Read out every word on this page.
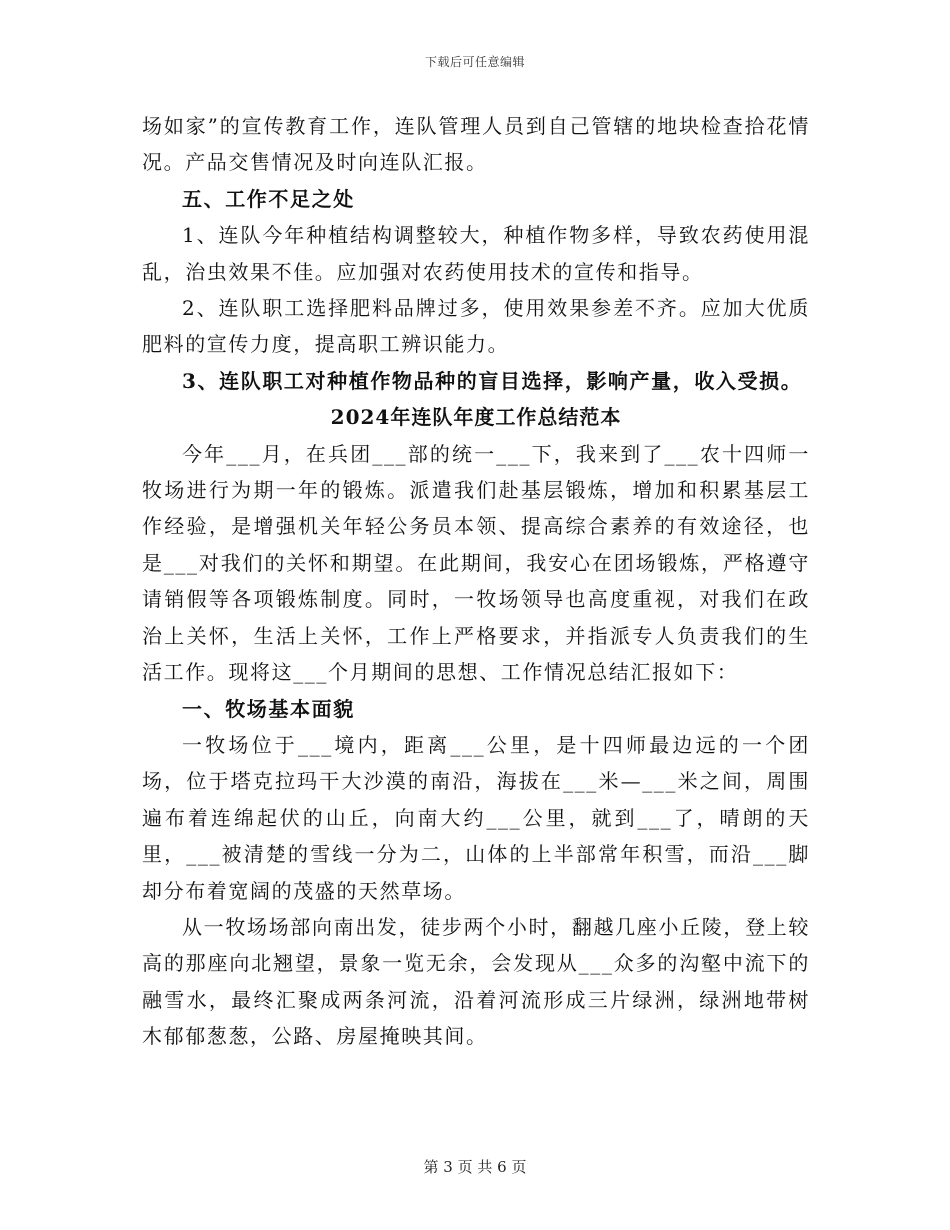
下载后可任意编辑

场如家”的宣传教育工作，连队管理人员到自己管辖的地块检查拾花情况。产品交售情况及时向连队汇报。

五、工作不足之处

1、连队今年种植结构调整较大，种植作物多样，导致农药使用混乱，治虫效果不佳。应加强对农药使用技术的宣传和指导。

2、连队职工选择肥料品牌过多，使用效果参差不齐。应加大优质肥料的宣传力度，提高职工辨识能力。

3、连队职工对种植作物品种的盲目选择，影响产量，收入受损。

2024年连队年度工作总结范本

今年___月，在兵团___部的统一___下，我来到了___农十四师一牧场进行为期一年的锻炼。派遣我们赴基层锻炼，增加和积累基层工作经验，是增强机关年轻公务员本领、提高综合素养的有效途径，也是___对我们的关怀和期望。在此期间，我安心在团场锻炼，严格遵守请销假等各项锻炼制度。同时，一牧场领导也高度重视，对我们在政治上关怀，生活上关怀，工作上严格要求，并指派专人负责我们的生活工作。现将这___个月期间的思想、工作情况总结汇报如下：

一、牧场基本面貌

一牧场位于___境内，距离___公里，是十四师最边远的一个团场，位于塔克拉玛干大沙漠的南沿，海拔在___米—___米之间，周围遍布着连绵起伏的山丘，向南大约___公里，就到___了，晴朗的天里，___被清楚的雪线一分为二，山体的上半部常年积雪，而沿___脚却分布着宽阔的茂盛的天然草场。

从一牧场场部向南出发，徒步两个小时，翻越几座小丘陵，登上较高的那座向北翘望，景象一览无余，会发现从___众多的沟壑中流下的融雪水，最终汇聚成两条河流，沿着河流形成三片绿洲，绿洲地带树木郁郁葱葱，公路、房屋掩映其间。

第 3 页 共 6 页
